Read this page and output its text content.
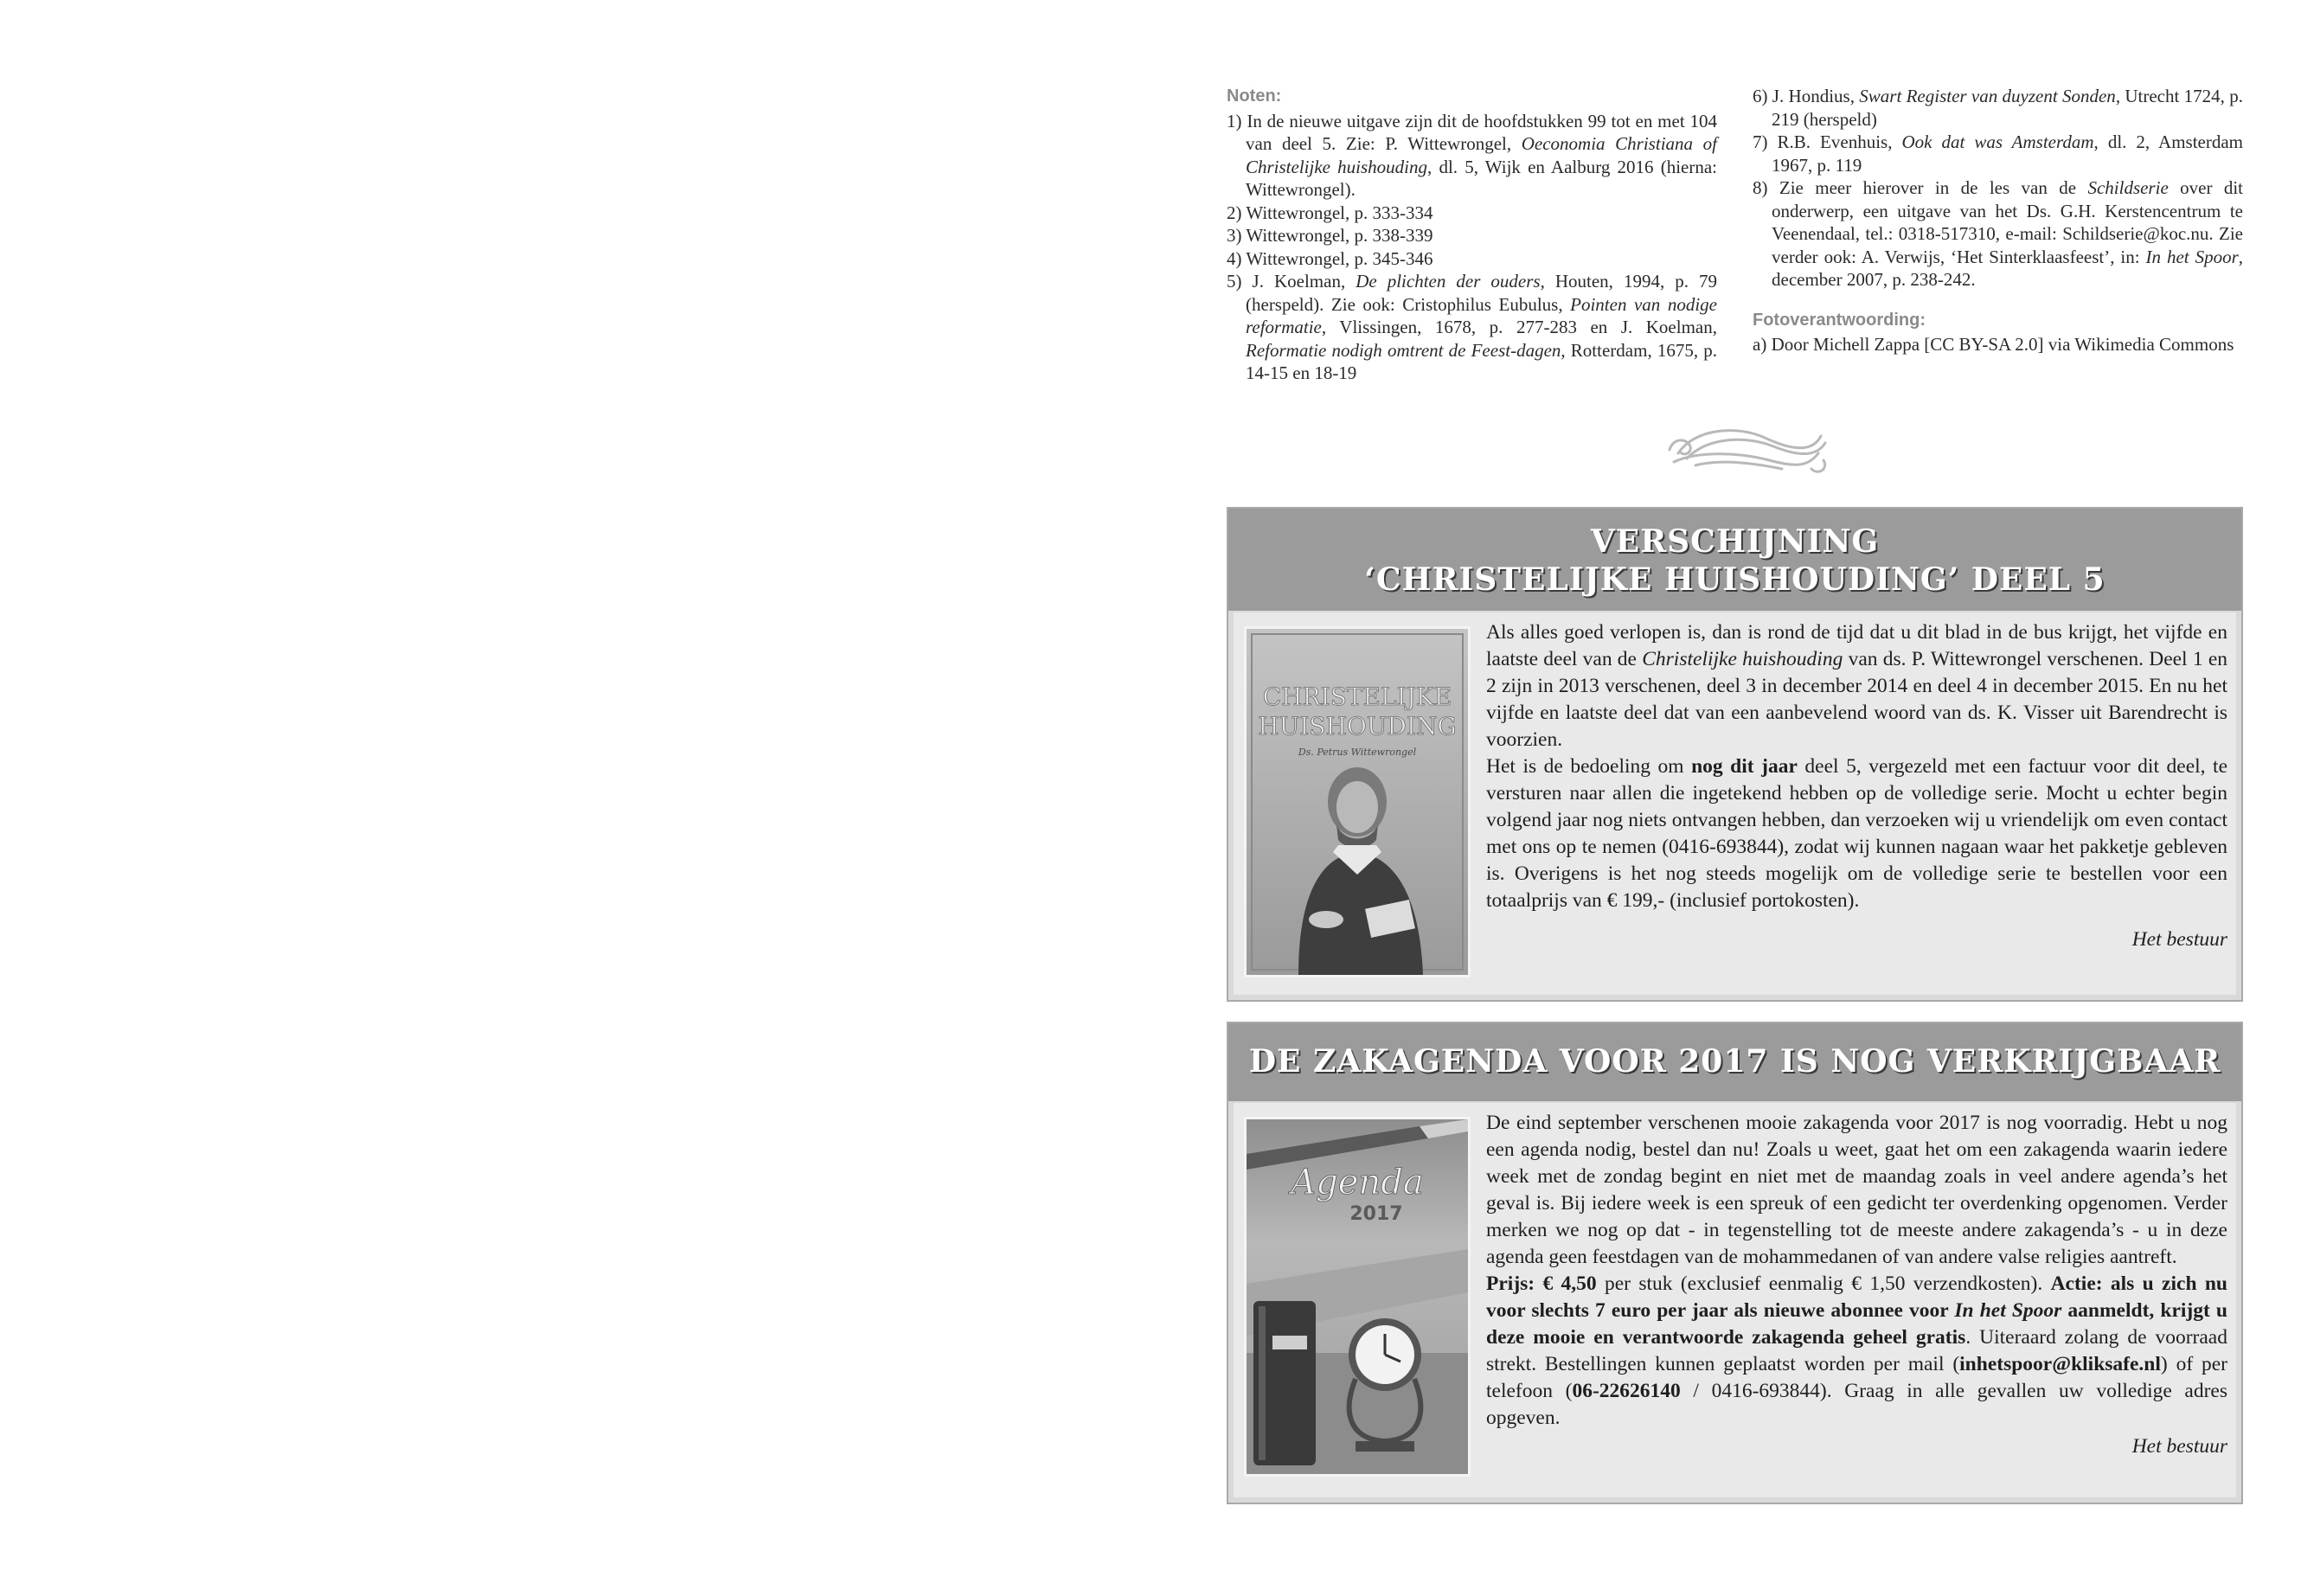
Noten:
1) In de nieuwe uitgave zijn dit de hoofdstukken 99 tot en met 104 van deel 5. Zie: P. Wittewrongel, Oeconomia Christiana of Christelijke huishouding, dl. 5, Wijk en Aalburg 2016 (hierna: Wittewrongel).
2) Wittewrongel, p. 333-334
3) Wittewrongel, p. 338-339
4) Wittewrongel, p. 345-346
5) J. Koelman, De plichten der ouders, Houten, 1994, p. 79 (herspeld). Zie ook: Cristophilus Eubulus, Pointen van nodige reformatie, Vlissingen, 1678, p. 277-283 en J. Koelman, Reformatie nodigh omtrent de Feest-dagen, Rotterdam, 1675, p. 14-15 en 18-19
6) J. Hondius, Swart Register van duyzent Sonden, Utrecht 1724, p. 219 (herspeld)
7) R.B. Evenhuis, Ook dat was Amsterdam, dl. 2, Amsterdam 1967, p. 119
8) Zie meer hierover in de les van de Schildserie over dit onderwerp, een uitgave van het Ds. G.H. Kerstencentrum te Veenendaal, tel.: 0318-517310, e-mail: Schildserie@koc.nu. Zie verder ook: A. Verwijs, ‘Het Sinterklaasfeest’, in: In het Spoor, december 2007, p. 238-242.
Fotoverantwoording:
a) Door Michell Zappa [CC BY-SA 2.0] via Wikimedia Commons
VERSCHIJNING
‘CHRISTELIJKE HUISHOUDING’ DEEL 5
CHRISTELIJKE
HUISHOUDING
Ds. Petrus Wittewrongel
Als alles goed verlopen is, dan is rond de tijd dat u dit blad in de bus krijgt, het vijfde en laatste deel van de Christelijke huishouding van ds. P. Wittewrongel verschenen. Deel 1 en 2 zijn in 2013 verschenen, deel 3 in december 2014 en deel 4 in december 2015. En nu het vijfde en laatste deel dat van een aanbevelend woord van ds. K. Visser uit Barendrecht is voorzien.
Het is de bedoeling om nog dit jaar deel 5, vergezeld met een factuur voor dit deel, te versturen naar allen die ingetekend hebben op de volledige serie. Mocht u echter begin volgend jaar nog niets ontvangen hebben, dan verzoeken wij u vriendelijk om even contact met ons op te nemen (0416-693844), zodat wij kunnen nagaan waar het pakketje gebleven is. Overigens is het nog steeds mogelijk om de volledige serie te bestellen voor een totaalprijs van € 199,- (inclusief portokosten).
Het bestuur
DE ZAKAGENDA VOOR 2017 IS NOG VERKRIJGBAAR
Agenda
2017
De eind september verschenen mooie zakagenda voor 2017 is nog voorradig. Hebt u nog een agenda nodig, bestel dan nu! Zoals u weet, gaat het om een zakagenda waarin iedere week met de zondag begint en niet met de maandag zoals in veel andere agenda’s het geval is. Bij iedere week is een spreuk of een gedicht ter overdenking opgenomen. Verder merken we nog op dat - in tegenstelling tot de meeste andere zakagenda’s - u in deze agenda geen feestdagen van de mohammedanen of van andere valse religies aantreft.
Prijs: € 4,50 per stuk (exclusief eenmalig € 1,50 verzendkosten). Actie: als u zich nu voor slechts 7 euro per jaar als nieuwe abonnee voor In het Spoor aanmeldt, krijgt u deze mooie en verantwoorde zakagenda geheel gratis. Uiteraard zolang de voorraad strekt. Bestellingen kunnen geplaatst worden per mail (inhetspoor@kliksafe.nl) of per telefoon (06-22626140 / 0416-693844). Graag in alle gevallen uw volledige adres opgeven.
Het bestuur
